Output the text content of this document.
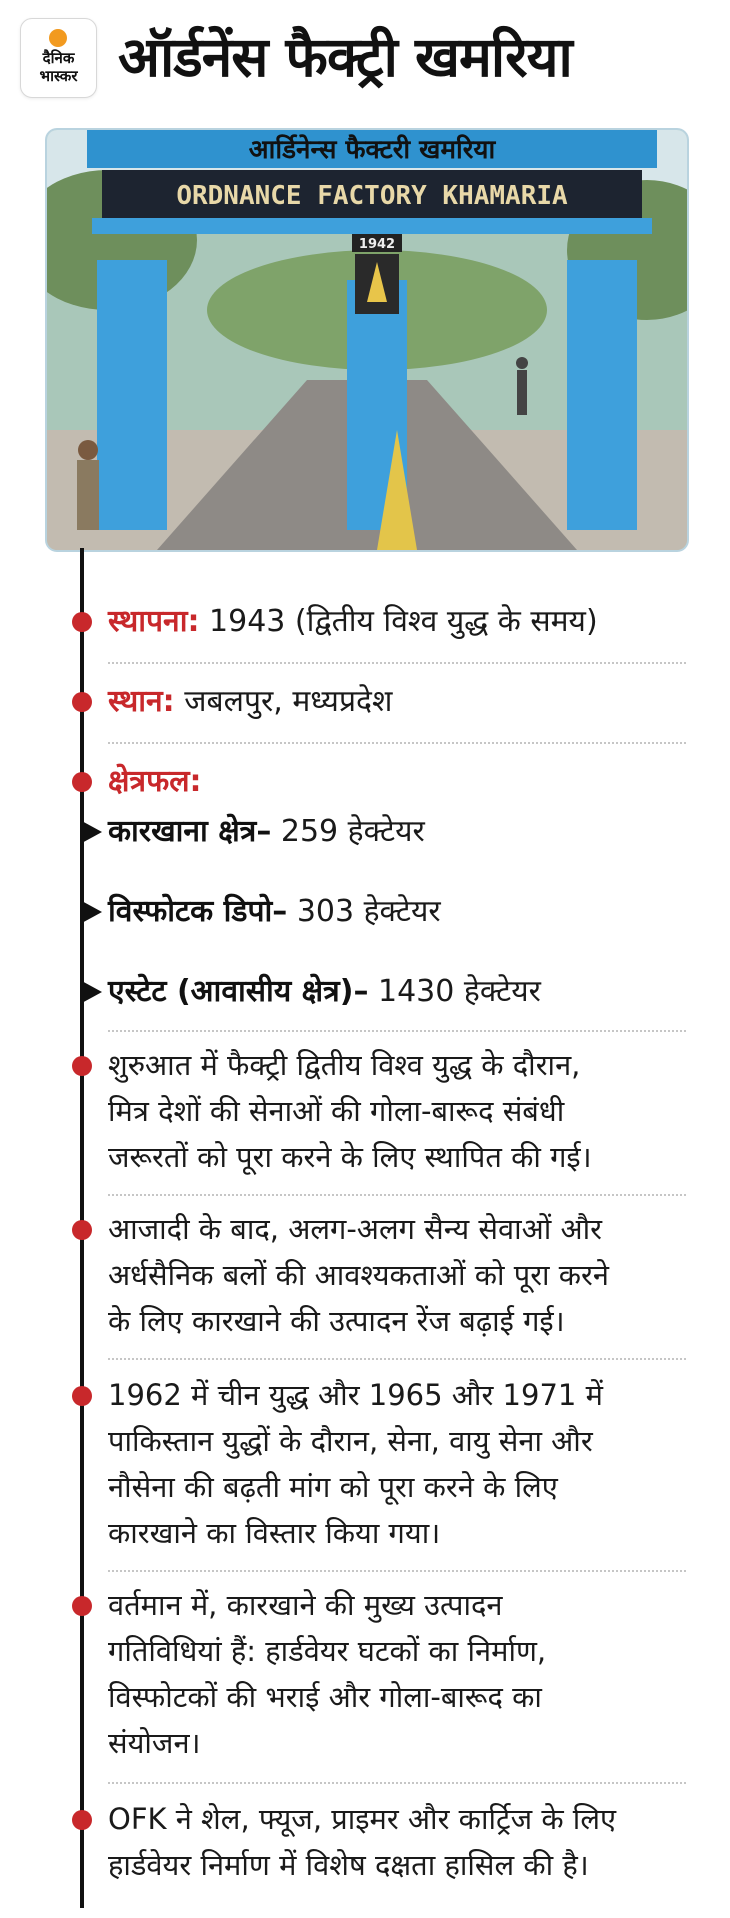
दैनिक
भास्कर ऑर्डनेंस फैक्ट्री खमरिया
आर्डिनेन्स फैक्टरी खमरिया
ORDNANCE FACTORY KHAMARIA
1942
स्थापना: 1943 (द्वितीय विश्व युद्ध के समय)
स्थान: जबलपुर, मध्यप्रदेश
क्षेत्रफल:
कारखाना क्षेत्र– 259 हेक्टेयर
विस्फोटक डिपो– 303 हेक्टेयर
एस्टेट (आवासीय क्षेत्र)– 1430 हेक्टेयर
शुरुआत में फैक्ट्री द्वितीय विश्व युद्ध के दौरान,
मित्र देशों की सेनाओं की गोला-बारूद संबंधी
जरूरतों को पूरा करने के लिए स्थापित की गई।
आजादी के बाद, अलग-अलग सैन्य सेवाओं और
अर्धसैनिक बलों की आवश्यकताओं को पूरा करने
के लिए कारखाने की उत्पादन रेंज बढ़ाई गई।
1962 में चीन युद्ध और 1965 और 1971 में
पाकिस्तान युद्धों के दौरान, सेना, वायु सेना और
नौसेना की बढ़ती मांग को पूरा करने के लिए
कारखाने का विस्तार किया गया।
वर्तमान में, कारखाने की मुख्य उत्पादन
गतिविधियां हैं: हार्डवेयर घटकों का निर्माण,
विस्फोटकों की भराई और गोला-बारूद का
संयोजन।
OFK ने शेल, फ्यूज, प्राइमर और कार्ट्रिज के लिए
हार्डवेयर निर्माण में विशेष दक्षता हासिल की है।
